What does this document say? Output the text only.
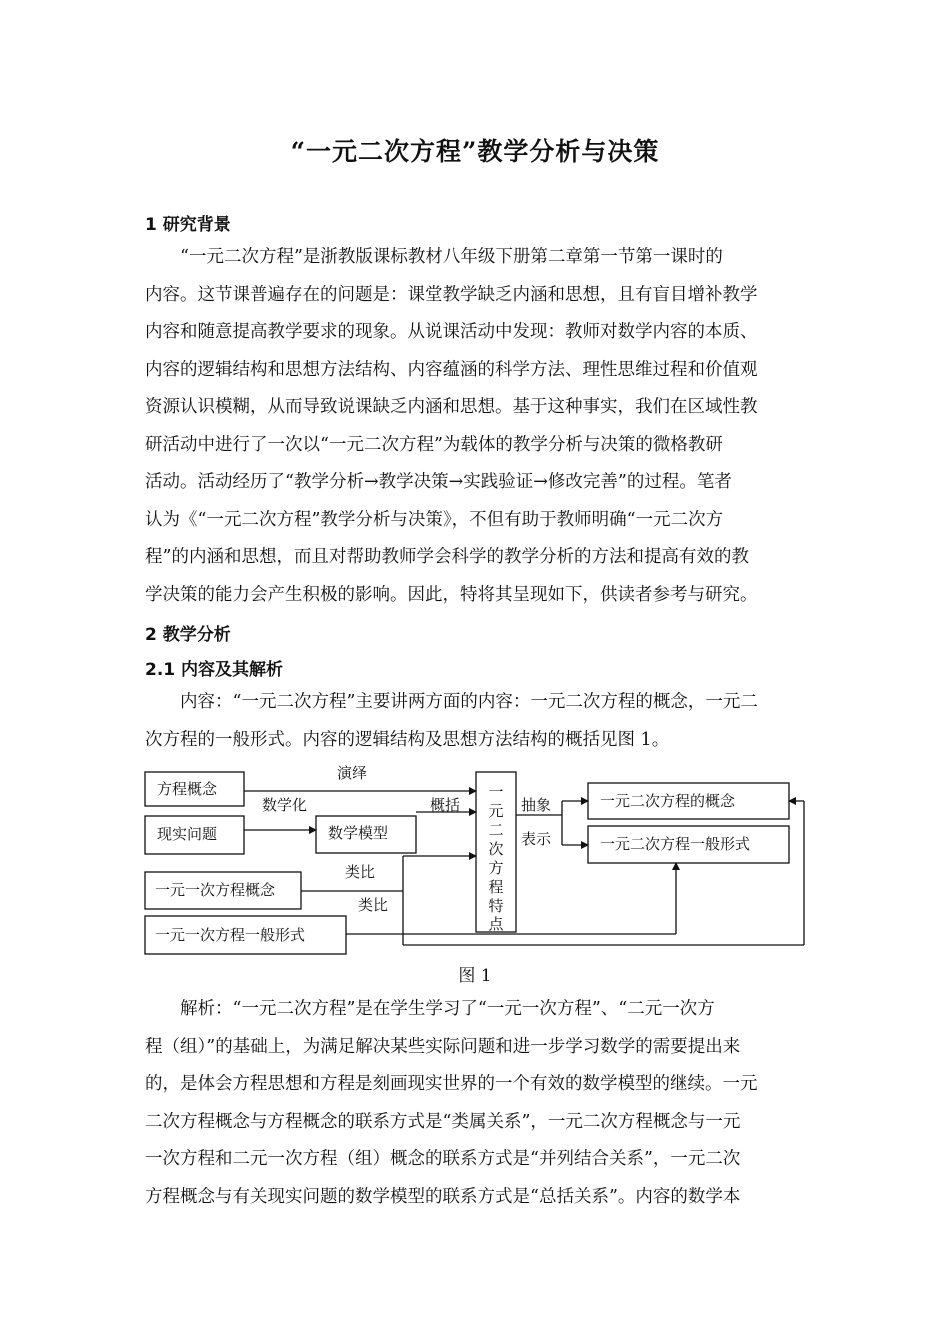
“一元二次方程”教学分析与决策
1 研究背景
“一元二次方程”是浙教版课标教材八年级下册第二章第一节第一课时的
内容。这节课普遍存在的问题是：课堂教学缺乏内涵和思想，且有盲目增补教学
内容和随意提高教学要求的现象。从说课活动中发现：教师对数学内容的本质、
内容的逻辑结构和思想方法结构、内容蕴涵的科学方法、理性思维过程和价值观
资源认识模糊，从而导致说课缺乏内涵和思想。基于这种事实，我们在区域性教
研活动中进行了一次以“一元二次方程”为载体的教学分析与决策的微格教研
活动。活动经历了“教学分析→教学决策→实践验证→修改完善”的过程。笔者
认为《“一元二次方程”教学分析与决策》，不但有助于教师明确“一元二次方
程”的内涵和思想，而且对帮助教师学会科学的教学分析的方法和提高有效的教
学决策的能力会产生积极的影响。因此，特将其呈现如下，供读者参考与研究。
2 教学分析
2.1 内容及其解析
内容：“一元二次方程”主要讲两方面的内容：一元二次方程的概念，一元二
次方程的一般形式。内容的逻辑结构及思想方法结构的概括见图 1。
方程概念
现实问题	数学模型
一元一次方程概念
一元一次方程一般形式
一元二次方程的概念
一元二次方程一般形式
一
元
二
次
方
程
特
点
演绎
数学化	概括
类比
类比
抽象
表示
图 1
解析：“一元二次方程”是在学生学习了“一元一次方程”、“二元一次方
程（组）”的基础上，为满足解决某些实际问题和进一步学习数学的需要提出来
的，是体会方程思想和方程是刻画现实世界的一个有效的数学模型的继续。一元
二次方程概念与方程概念的联系方式是“类属关系”，一元二次方程概念与一元
一次方程和二元一次方程（组）概念的联系方式是“并列结合关系”，一元二次
方程概念与有关现实问题的数学模型的联系方式是“总括关系”。内容的数学本
